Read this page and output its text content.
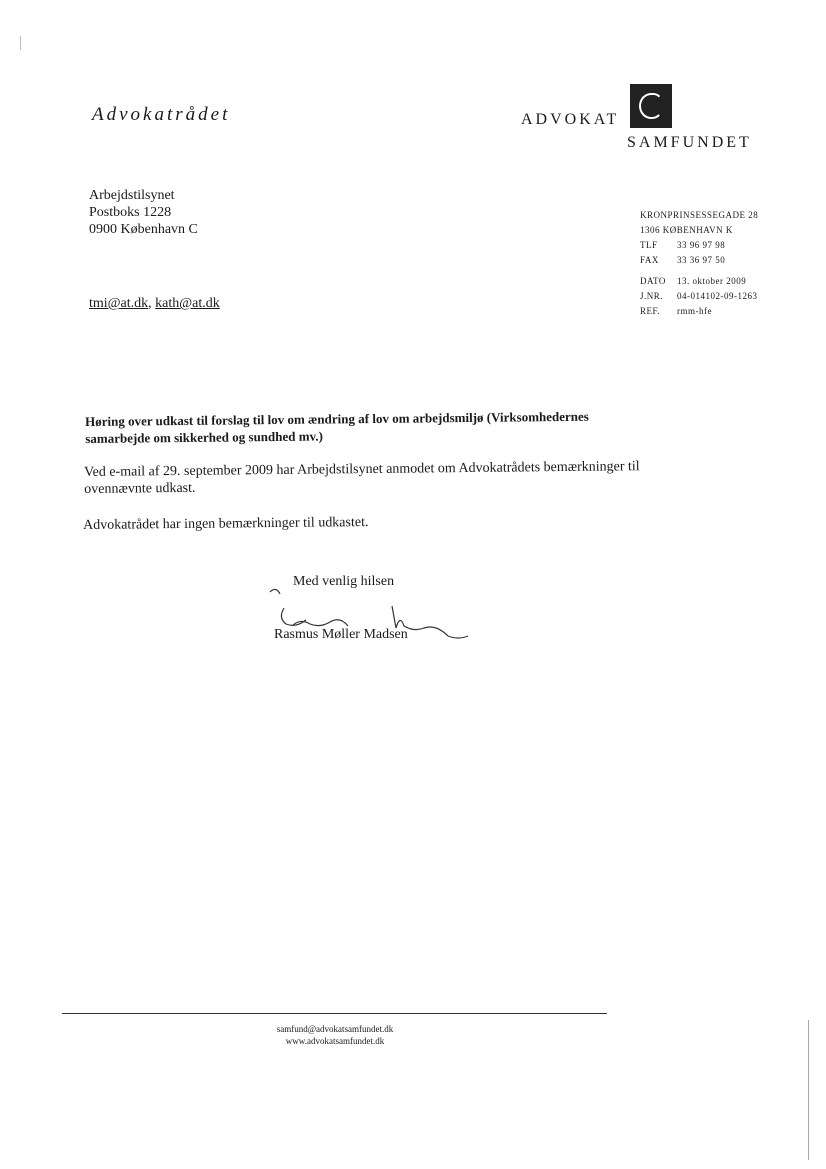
Advokatrådet	ADVOKAT
SAMFUNDET
Arbejdstilsynet
Postboks 1228
0900 København C
KRONPRINSESSEGADE 28
1306 KØBENHAVN K
TLF	33 96 97 98
FAX	33 36 97 50
DATO	13. oktober 2009
J.NR.	04-014102-09-1263
REF.	rmm-hfe
tmi@at.dk, kath@at.dk
Høring over udkast til forslag til lov om ændring af lov om arbejdsmiljø (Virksomhedernes samarbejde om sikkerhed og sundhed mv.)
Ved e-mail af 29. september 2009 har Arbejdstilsynet anmodet om Advokatrådets bemærkninger til ovennævnte udkast.
Advokatrådet har ingen bemærkninger til udkastet.
Med venlig hilsen
Rasmus Møller Madsen
samfund@advokatsamfundet.dk
www.advokatsamfundet.dk
